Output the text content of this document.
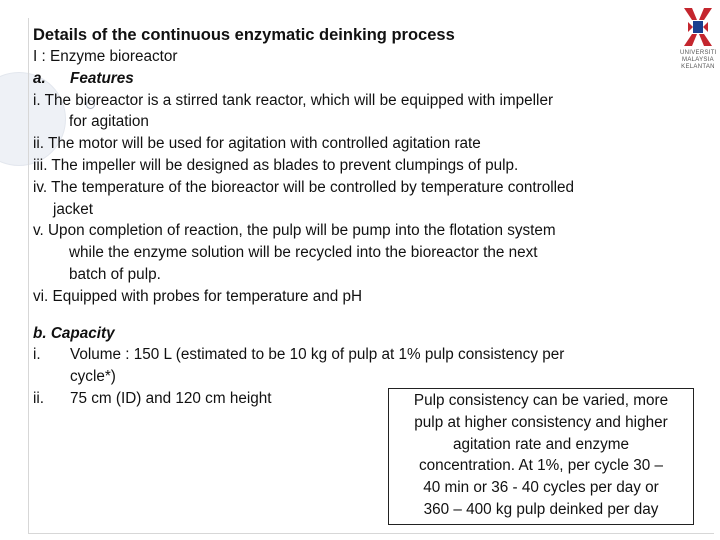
UNIVERSITI
MALAYSIA
KELANTAN
Details of the continuous enzymatic deinking process
I : Enzyme bioreactor
a.	Features
i. The bioreactor is a stirred tank reactor, which will be equipped with impeller
for agitation
ii. The motor will be used for agitation with controlled agitation rate
iii. The impeller will be designed as blades to prevent clumpings of pulp.
iv. The temperature of the bioreactor will be controlled by temperature controlled
jacket
v. Upon completion of reaction, the pulp will be pump into the flotation system
while the enzyme solution will be recycled into the bioreactor the next
batch of pulp.
vi. Equipped with probes for temperature and pH
b. Capacity
i.	Volume : 150 L (estimated to be 10 kg of pulp at 1% pulp consistency per
cycle*)
ii.	75 cm (ID) and 120 cm height	Pulp consistency can be varied, more
pulp at higher consistency and higher
agitation rate and enzyme
concentration. At 1%, per cycle 30 –
40 min or 36 - 40 cycles per day or
360 – 400 kg pulp deinked per day
